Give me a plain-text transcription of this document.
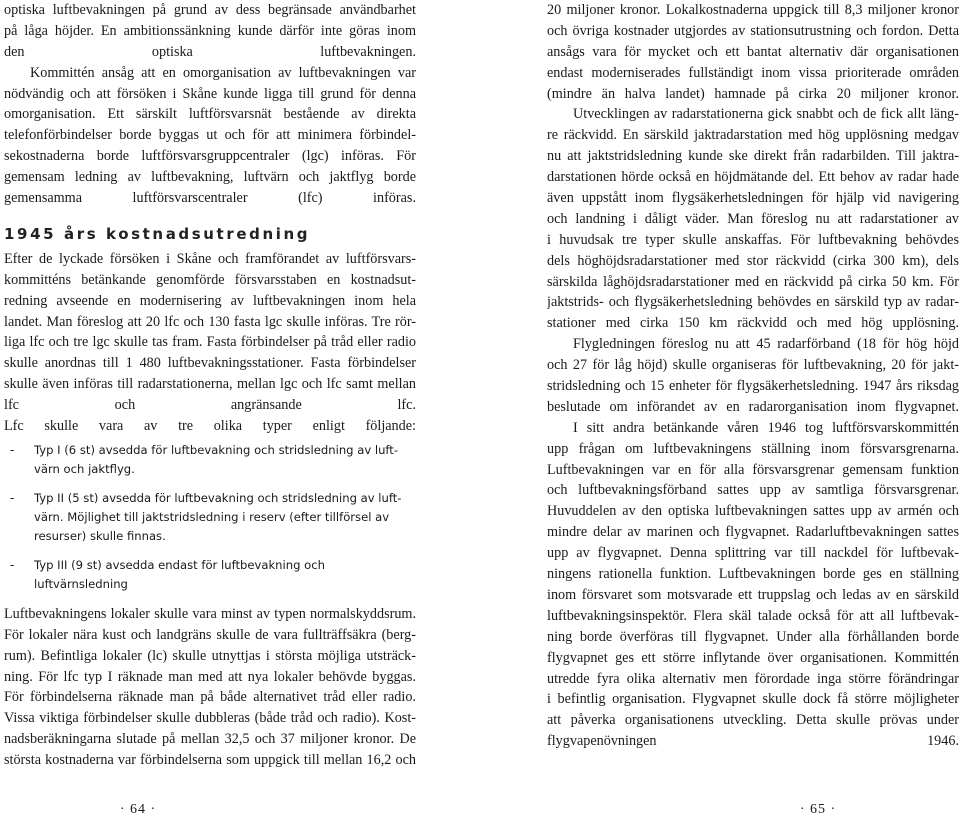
optiska luftbevakningen på grund av dess begränsade användbarhet
på låga höjder. En ambitionssänkning kunde därför inte göras inom
den optiska luftbevakningen.
Kommittén ansåg att en omorganisation av luftbevakningen var
nödvändig och att försöken i Skåne kunde ligga till grund för denna
omorganisation. Ett särskilt luftförsvarsnät bestående av direkta
telefonförbindelser borde byggas ut och för att minimera förbindel-
sekostnaderna borde luftförsvarsgruppcentraler (lgc) införas. För
gemensam ledning av luftbevakning, luftvärn och jaktflyg borde
gemensamma luftförsvarscentraler (lfc) införas.
1945 års kostnadsutredning
Efter de lyckade försöken i Skåne och framförandet av luftförsvars-
kommitténs betänkande genomförde försvarsstaben en kostnadsut-
redning avseende en modernisering av luftbevakningen inom hela
landet. Man föreslog att 20 lfc och 130 fasta lgc skulle införas. Tre rör-
liga lfc och tre lgc skulle tas fram. Fasta förbindelser på tråd eller radio
skulle anordnas till 1 480 luftbevakningsstationer. Fasta förbindelser
skulle även införas till radarstationerna, mellan lgc och lfc samt mellan
lfc och angränsande lfc.
Lfc skulle vara av tre olika typer enligt följande:
- Typ I (6 st) avsedda för luftbevakning och stridsledning av luft-
värn och jaktflyg.
- Typ II (5 st) avsedda för luftbevakning och stridsledning av luft-
värn. Möjlighet till jaktstridsledning i reserv (efter tillförsel av
resurser) skulle finnas.
- Typ III (9 st) avsedda endast för luftbevakning och
luftvärnsledning
Luftbevakningens lokaler skulle vara minst av typen normalskyddsrum.
För lokaler nära kust och landgräns skulle de vara fullträffsäkra (berg-
rum). Befintliga lokaler (lc) skulle utnyttjas i största möjliga utsträck-
ning. För lfc typ I räknade man med att nya lokaler behövde byggas.
För förbindelserna räknade man på både alternativet tråd eller radio.
Vissa viktiga förbindelser skulle dubbleras (både tråd och radio). Kost-
nadsberäkningarna slutade på mellan 32,5 och 37 miljoner kronor. De
största kostnaderna var förbindelserna som uppgick till mellan 16,2 och
· 64 ·
20 miljoner kronor. Lokalkostnaderna uppgick till 8,3 miljoner kronor
och övriga kostnader utgjordes av stationsutrustning och fordon. Detta
ansågs vara för mycket och ett bantat alternativ där organisationen
endast moderniserades fullständigt inom vissa prioriterade områden
(mindre än halva landet) hamnade på cirka 20 miljoner kronor.
Utvecklingen av radarstationerna gick snabbt och de fick allt läng-
re räckvidd. En särskild jaktradarstation med hög upplösning medgav
nu att jaktstridsledning kunde ske direkt från radarbilden. Till jaktra-
darstationen hörde också en höjdmätande del. Ett behov av radar hade
även uppstått inom flygsäkerhetsledningen för hjälp vid navigering
och landning i dåligt väder. Man föreslog nu att radarstationer av
i huvudsak tre typer skulle anskaffas. För luftbevakning behövdes
dels höghöjdsradarstationer med stor räckvidd (cirka 300 km), dels
särskilda låghöjdsradarstationer med en räckvidd på cirka 50 km. För
jaktstrids- och flygsäkerhetsledning behövdes en särskild typ av radar-
stationer med cirka 150 km räckvidd och med hög upplösning.
Flygledningen föreslog nu att 45 radarförband (18 för hög höjd
och 27 för låg höjd) skulle organiseras för luftbevakning, 20 för jakt-
stridsledning och 15 enheter för flygsäkerhetsledning. 1947 års riksdag
beslutade om införandet av en radarorganisation inom flygvapnet.
I sitt andra betänkande våren 1946 tog luftförsvarskommittén
upp frågan om luftbevakningens ställning inom försvarsgrenarna.
Luftbevakningen var en för alla försvarsgrenar gemensam funktion
och luftbevakningsförband sattes upp av samtliga försvarsgrenar.
Huvuddelen av den optiska luftbevakningen sattes upp av armén och
mindre delar av marinen och flygvapnet. Radarluftbevakningen sattes
upp av flygvapnet. Denna splittring var till nackdel för luftbevak-
ningens rationella funktion. Luftbevakningen borde ges en ställning
inom försvaret som motsvarade ett truppslag och ledas av en särskild
luftbevakningsinspektör. Flera skäl talade också för att all luftbevak-
ning borde överföras till flygvapnet. Under alla förhållanden borde
flygvapnet ges ett större inflytande över organisationen. Kommittén
utredde fyra olika alternativ men förordade inga större förändringar
i befintlig organisation. Flygvapnet skulle dock få större möjligheter
att påverka organisationens utveckling. Detta skulle prövas under
flygvapenövningen 1946.
· 65 ·
